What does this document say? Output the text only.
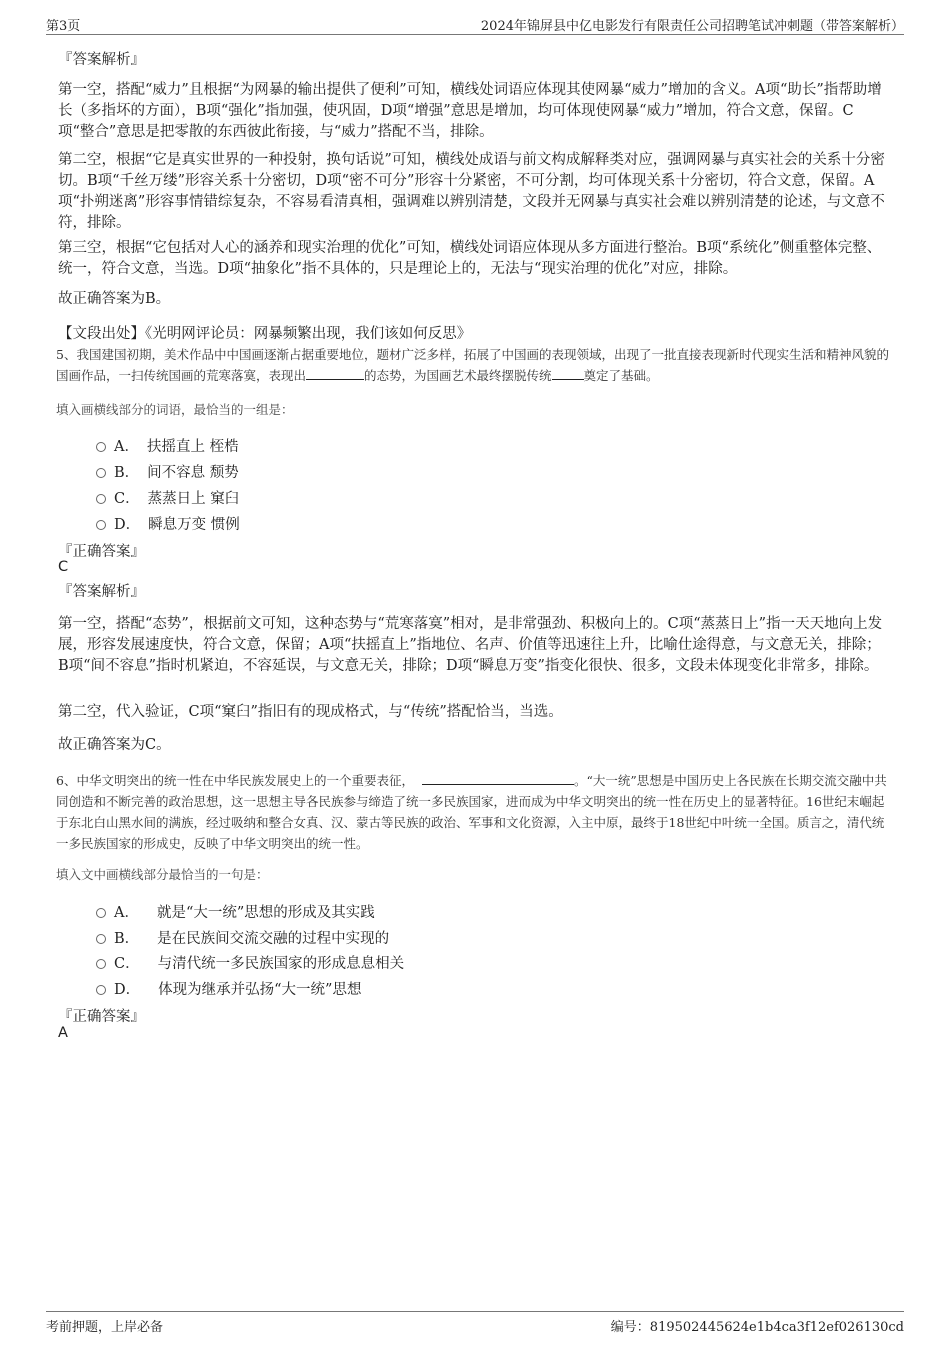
第3页	2024年锦屏县中亿电影发行有限责任公司招聘笔试冲刺题（带答案解析）
『答案解析』

第一空，搭配“威力”且根据“为网暴的输出提供了便利”可知，横线处词语应体现其使网暴“威力”增加的含义。A项“助长”指帮助增长（多指坏的方面），B项“强化”指加强，使巩固，D项“增强”意思是增加，均可体现使网暴“威力”增加，符合文意，保留。C项“整合”意思是把零散的东西彼此衔接，与“威力”搭配不当，排除。

第二空，根据“它是真实世界的一种投射，换句话说”可知，横线处成语与前文构成解释类对应，强调网暴与真实社会的关系十分密切。B项“千丝万缕”形容关系十分密切，D项“密不可分”形容十分紧密，不可分割，均可体现关系十分密切，符合文意，保留。A项“扑朔迷离”形容事情错综复杂，不容易看清真相，强调难以辨别清楚，文段并无网暴与真实社会难以辨别清楚的论述，与文意不符，排除。

第三空，根据“它包括对人心的涵养和现实治理的优化”可知，横线处词语应体现从多方面进行整治。B项“系统化”侧重整体完整、统一，符合文意，当选。D项“抽象化”指不具体的，只是理论上的，无法与“现实治理的优化”对应，排除。

故正确答案为B。

【文段出处】《光明网评论员：网暴频繁出现，我们该如何反思》

5、我国建国初期，美术作品中中国画逐渐占据重要地位，题材广泛多样，拓展了中国画的表现领域，出现了一批直接表现新时代现实生活和精神风貌的国画作品，一扫传统国画的荒寒落寞，表现出	的态势，为国画艺术最终摆脱传统	奠定了基础。

填入画横线部分的词语，最恰当的一组是：
A． 扶摇直上 桎梏
B． 间不容息 颓势
C． 蒸蒸日上 窠臼
D． 瞬息万变 惯例
『正确答案』
C
『答案解析』

第一空，搭配“态势”，根据前文可知，这种态势与“荒寒落寞”相对，是非常强劲、积极向上的。C项“蒸蒸日上”指一天天地向上发展，形容发展速度快，符合文意，保留；A项“扶摇直上”指地位、名声、价值等迅速往上升，比喻仕途得意，与文意无关，排除；B项“间不容息”指时机紧迫，不容延误，与文意无关，排除；D项“瞬息万变”指变化很快、很多，文段未体现变化非常多，排除。

第二空，代入验证，C项“窠臼”指旧有的现成格式，与“传统”搭配恰当，当选。

故正确答案为C。

6、中华文明突出的统一性在中华民族发展史上的一个重要表征，	。“大一统”思想是中国历史上各民族在长期交流交融中共同创造和不断完善的政治思想，这一思想主导各民族参与缔造了统一多民族国家，进而成为中华文明突出的统一性在历史上的显著特征。16世纪末崛起于东北白山黑水间的满族，经过吸纳和整合女真、汉、蒙古等民族的政治、军事和文化资源，入主中原，最终于18世纪中叶统一全国。质言之，清代统一多民族国家的形成史，反映了中华文明突出的统一性。

填入文中画横线部分最恰当的一句是：
A． 就是“大一统”思想的形成及其实践
B． 是在民族间交流交融的过程中实现的
C． 与清代统一多民族国家的形成息息相关
D． 体现为继承并弘扬“大一统”思想
『正确答案』
A
考前押题，上岸必备	编号：819502445624e1b4ca3f12ef026130cd
